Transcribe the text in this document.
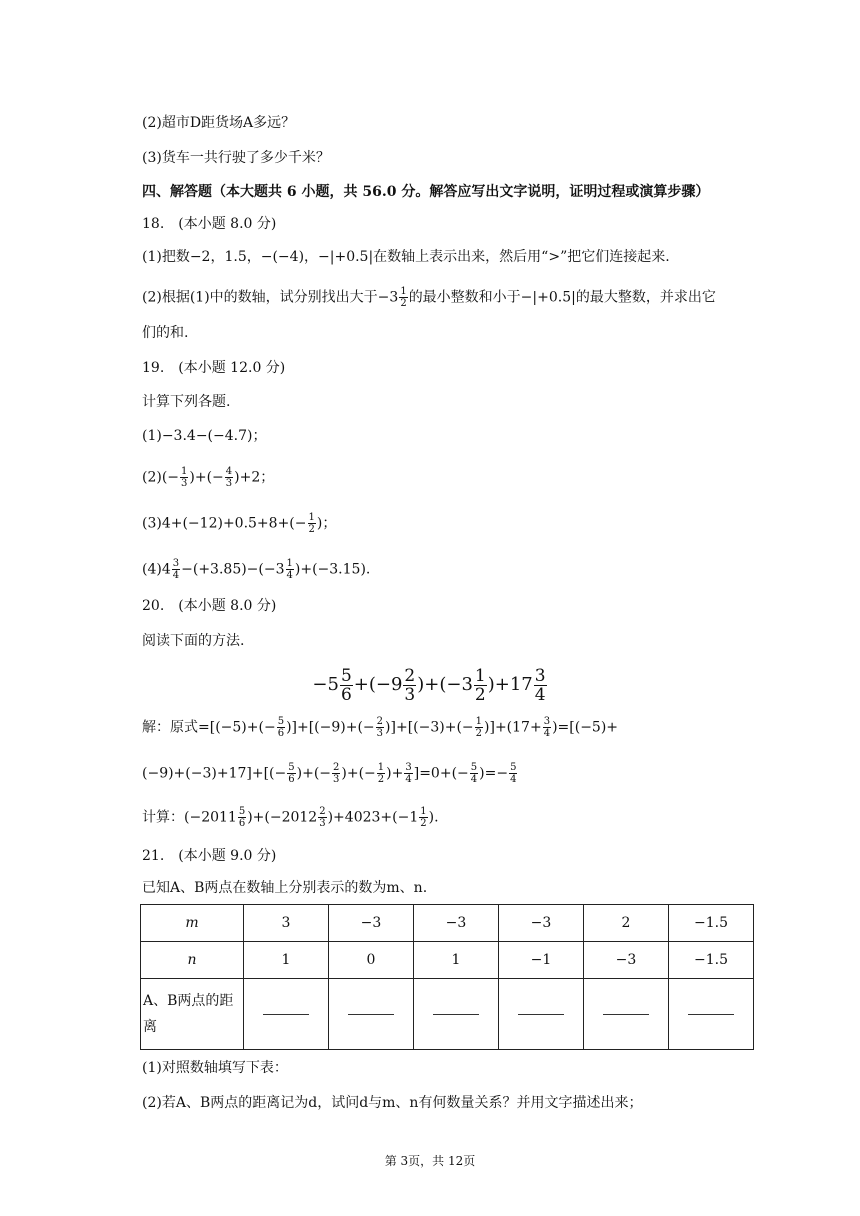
(2)超市D距货场A多远？
(3)货车一共行驶了多少千米？
四、解答题（本大题共 6 小题，共 56.0 分。解答应写出文字说明，证明过程或演算步骤）
18.　(本小题 8.0 分)
(1)把数−2，1.5，−(−4)，−|+0.5|在数轴上表示出来，然后用“>”把它们连接起来.
(2)根据(1)中的数轴，试分别找出大于$-3 \frac{1}{2}$ 的最小整数和小于−|+0.5|的最大整数，并求出它
们的和.
19.　(本小题 12.0 分)
计算下列各题.
(1)−3.4−(−4.7)；
$(2)(- \frac{1}{3}$ )+(− $\frac{4}{3} )+2$；
$(3)4+(-12)+0.5+8+(- \frac{1}{2}$ )；
$(4)4 \frac{3}{4} -(+3.85)-(-3 \frac{1}{4} )+(-3.15)$.
20.　(本小题 8.0 分)
阅读下面的方法.
$-5 \frac{5}{6} +(-9 \frac{2}{3} )+(-3 \frac{1}{2} )+17 \frac{3}{4}$
解：原式$=[(-5)+(- \frac{5}{6} )]+[(-9)+(- \frac{2}{3} )]+[(-3)+(- \frac{1}{2} )]+(17+ \frac{3}{4} )=[(-5)+$
$(-9)+(-3)+17]+[(- \frac{5}{6}$ )+(− $\frac{2}{3}$ )+(− $\frac{1}{2}$ )+ $\frac{3}{4} ]=0+(- \frac{5}{4}$ )=− $\frac{5}{4}$
计算：$(-2011 \frac{5}{6} )+(-2012 \frac{2}{3} )+4023+(-1 \frac{1}{2}$ ).
21.　(本小题 9.0 分)
已知A、B两点在数轴上分别表示的数为m、n.
m	3	−3	−3	−3	2	−1.5
n	1	0	1	−1	−3	−1.5
A、B两点的距离						
(1)对照数轴填写下表：
(2)若A、B两点的距离记为d，试问d与m、n有何数量关系？并用文字描述出来；
第 3页，共 12页
